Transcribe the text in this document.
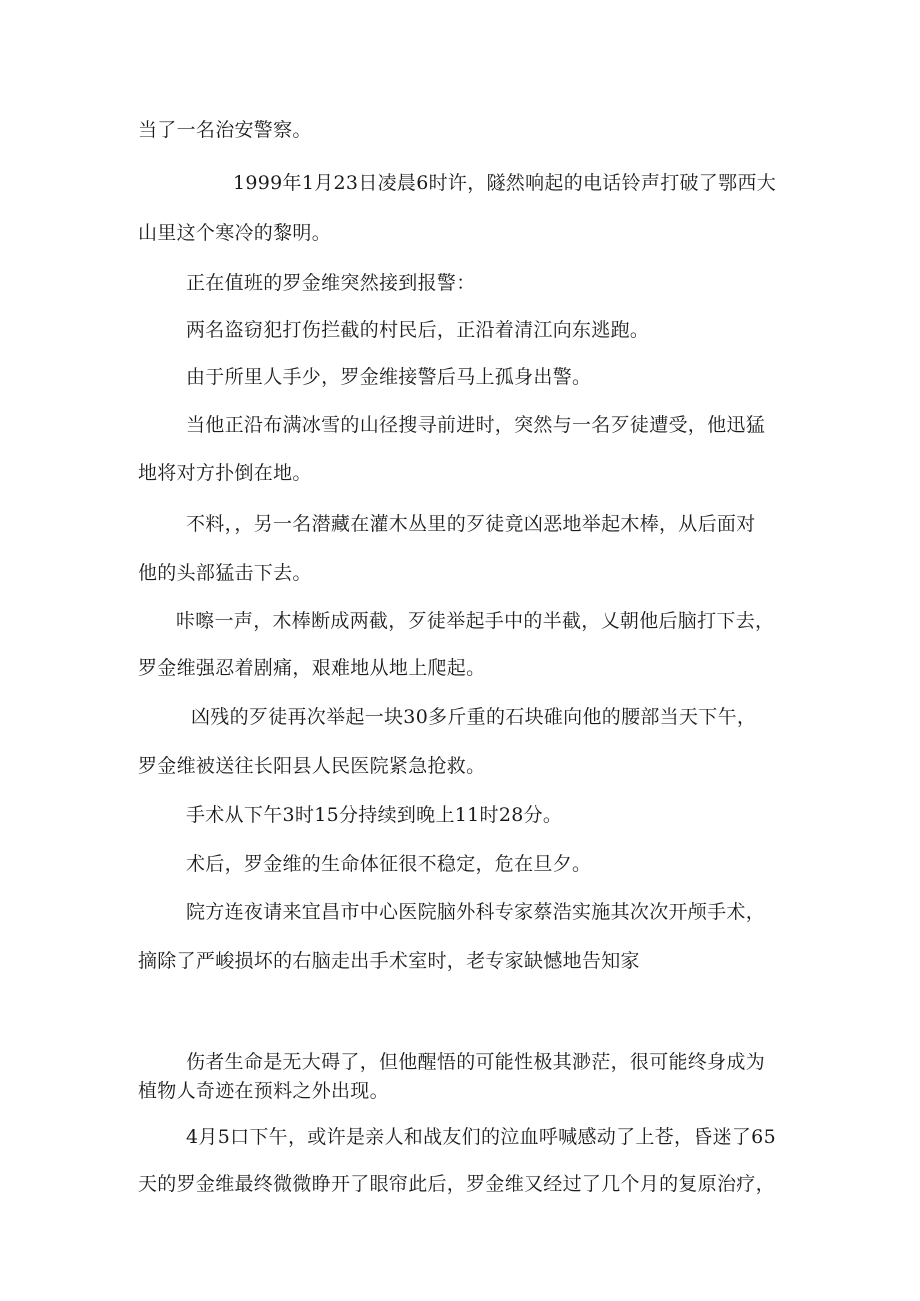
当了一名治安警察。
1999年1月23日凌晨6时许，隧然响起的电话铃声打破了鄂西大
山里这个寒冷的黎明。
正在值班的罗金维突然接到报警：
两名盗窃犯打伤拦截的村民后，正沿着清江向东逃跑。
由于所里人手少，罗金维接警后马上孤身出警。
当他正沿布满冰雪的山径搜寻前进时，突然与一名歹徒遭受，他迅猛
地将对方扑倒在地。
不料，，另一名潜藏在灌木丛里的歹徒竟凶恶地举起木棒，从后面对
他的头部猛击下去。
咔嚓一声，木棒断成两截，歹徒举起手中的半截，乂朝他后脑打下去，
罗金维强忍着剧痛，艰难地从地上爬起。
凶残的歹徒再次举起一块30多斤重的石块碓向他的腰部当天下午，
罗金维被送往长阳县人民医院紧急抢救。
手术从下午3时15分持续到晚上11时28分。
术后，罗金维的生命体征很不稳定，危在旦夕。
院方连夜请来宜昌市中心医院脑外科专家蔡浩实施其次次开颅手术，
摘除了严峻损坏的右脑走出手术室时，老专家缺憾地告知家
伤者生命是无大碍了，但他醒悟的可能性极其渺茫，很可能终身成为
植物人奇迹在预料之外出现。
4月5口下午，或许是亲人和战友们的泣血呼喊感动了上苍，昏迷了65
天的罗金维最终微微睁开了眼帘此后，罗金维又经过了几个月的复原治疗，
